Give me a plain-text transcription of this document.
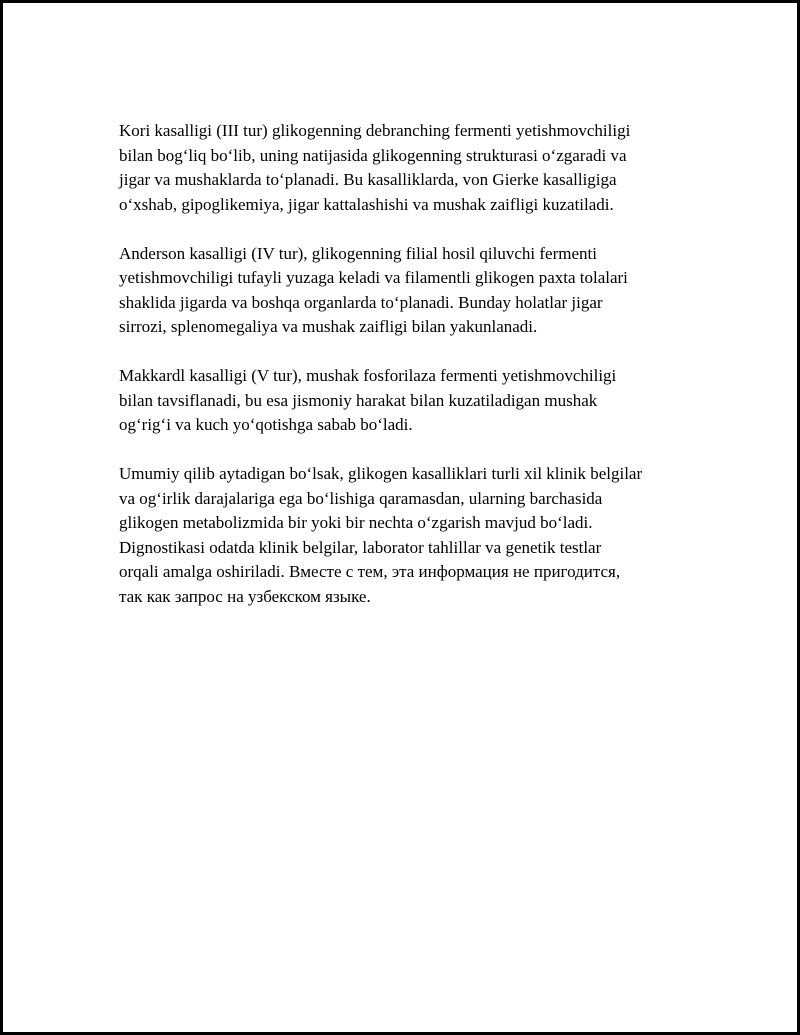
Kori kasalligi (III tur) glikogenning debranching fermenti yetishmovchiligi
bilan bog‘liq bo‘lib, uning natijasida glikogenning strukturasi o‘zgaradi va
jigar va mushaklarda to‘planadi. Bu kasalliklarda, von Gierke kasalligiga
o‘xshab, gipoglikemiya, jigar kattalashishi va mushak zaifligi kuzatiladi.

Anderson kasalligi (IV tur), glikogenning filial hosil qiluvchi fermenti
yetishmovchiligi tufayli yuzaga keladi va filamentli glikogen paxta tolalari
shaklida jigarda va boshqa organlarda to‘planadi. Bunday holatlar jigar
sirrozi, splenomegaliya va mushak zaifligi bilan yakunlanadi.

Makkardl kasalligi (V tur), mushak fosforilaza fermenti yetishmovchiligi
bilan tavsiflanadi, bu esa jismoniy harakat bilan kuzatiladigan mushak
og‘rig‘i va kuch yo‘qotishga sabab bo‘ladi.

Umumiy qilib aytadigan bo‘lsak, glikogen kasalliklari turli xil klinik belgilar
va og‘irlik darajalariga ega bo‘lishiga qaramasdan, ularning barchasida
glikogen metabolizmida bir yoki bir nechta o‘zgarish mavjud bo‘ladi.
Dignostikasi odatda klinik belgilar, laborator tahlillar va genetik testlar
orqali amalga oshiriladi. Вместе с тем, эта информация не пригодится,
так как запрос на узбекском языке.
